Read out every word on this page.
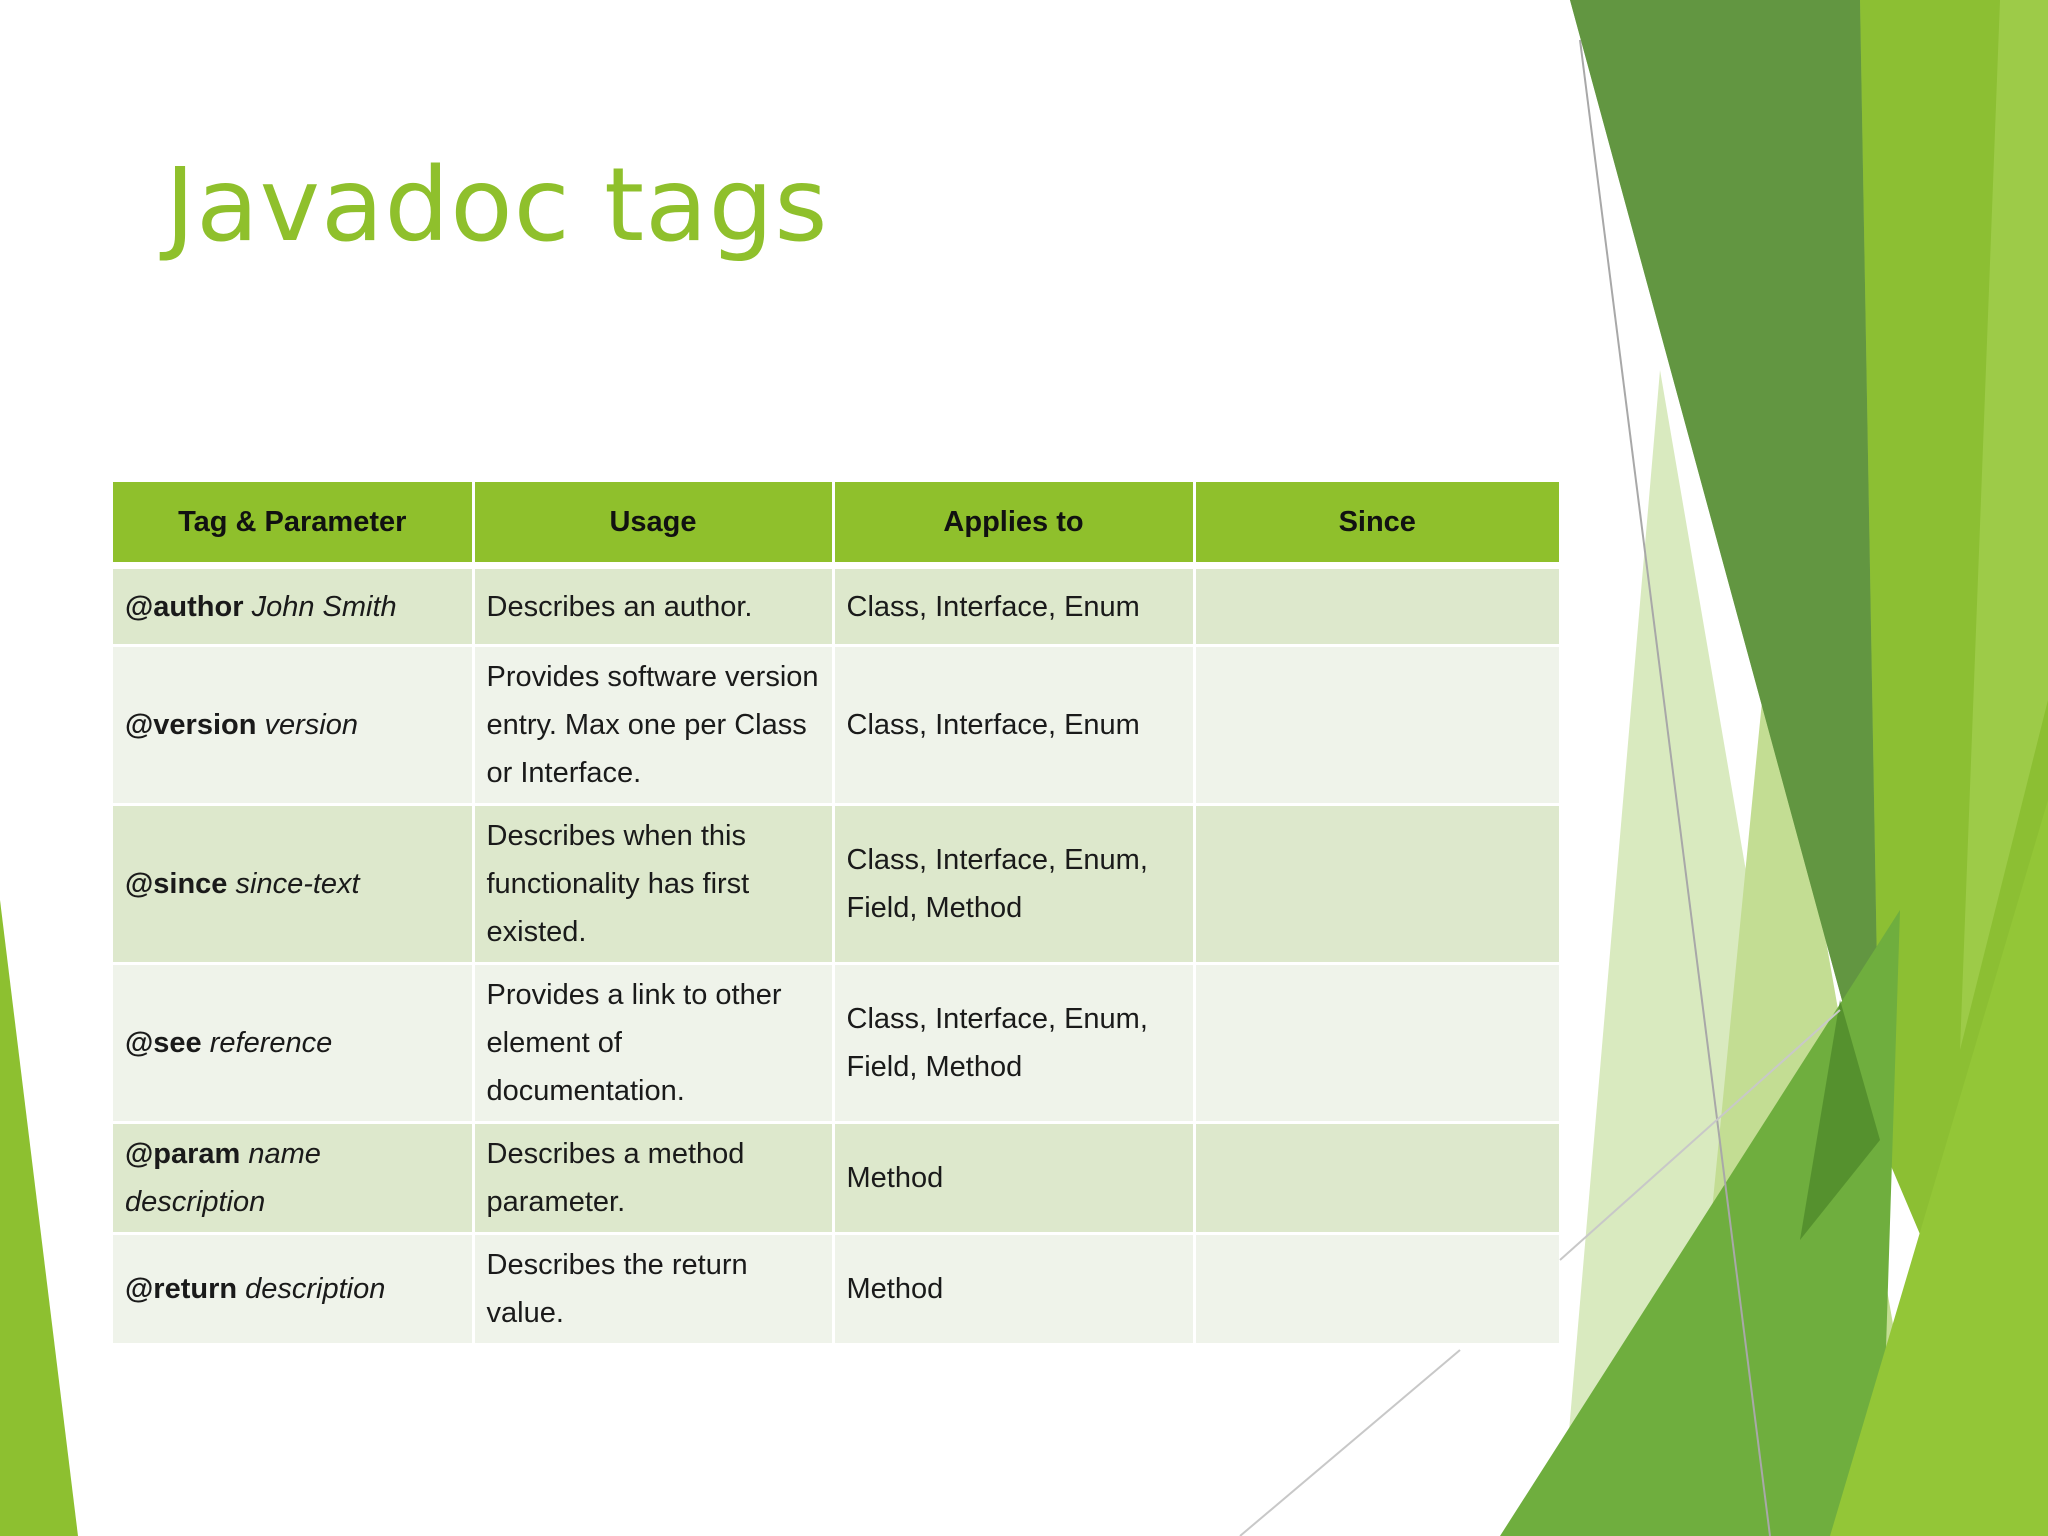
Javadoc tags
Tag & Parameter	Usage	Applies to	Since
@author John Smith	Describes an author.	Class, Interface, Enum	
@version version	Provides software version entry. Max one per Class or Interface.	Class, Interface, Enum	
@since since-text	Describes when this functionality has first existed.	Class, Interface, Enum, Field, Method	
@see reference	Provides a link to other element of documentation.	Class, Interface, Enum, Field, Method	
@param name description	Describes a method parameter.	Method	
@return description	Describes the return value.	Method	
